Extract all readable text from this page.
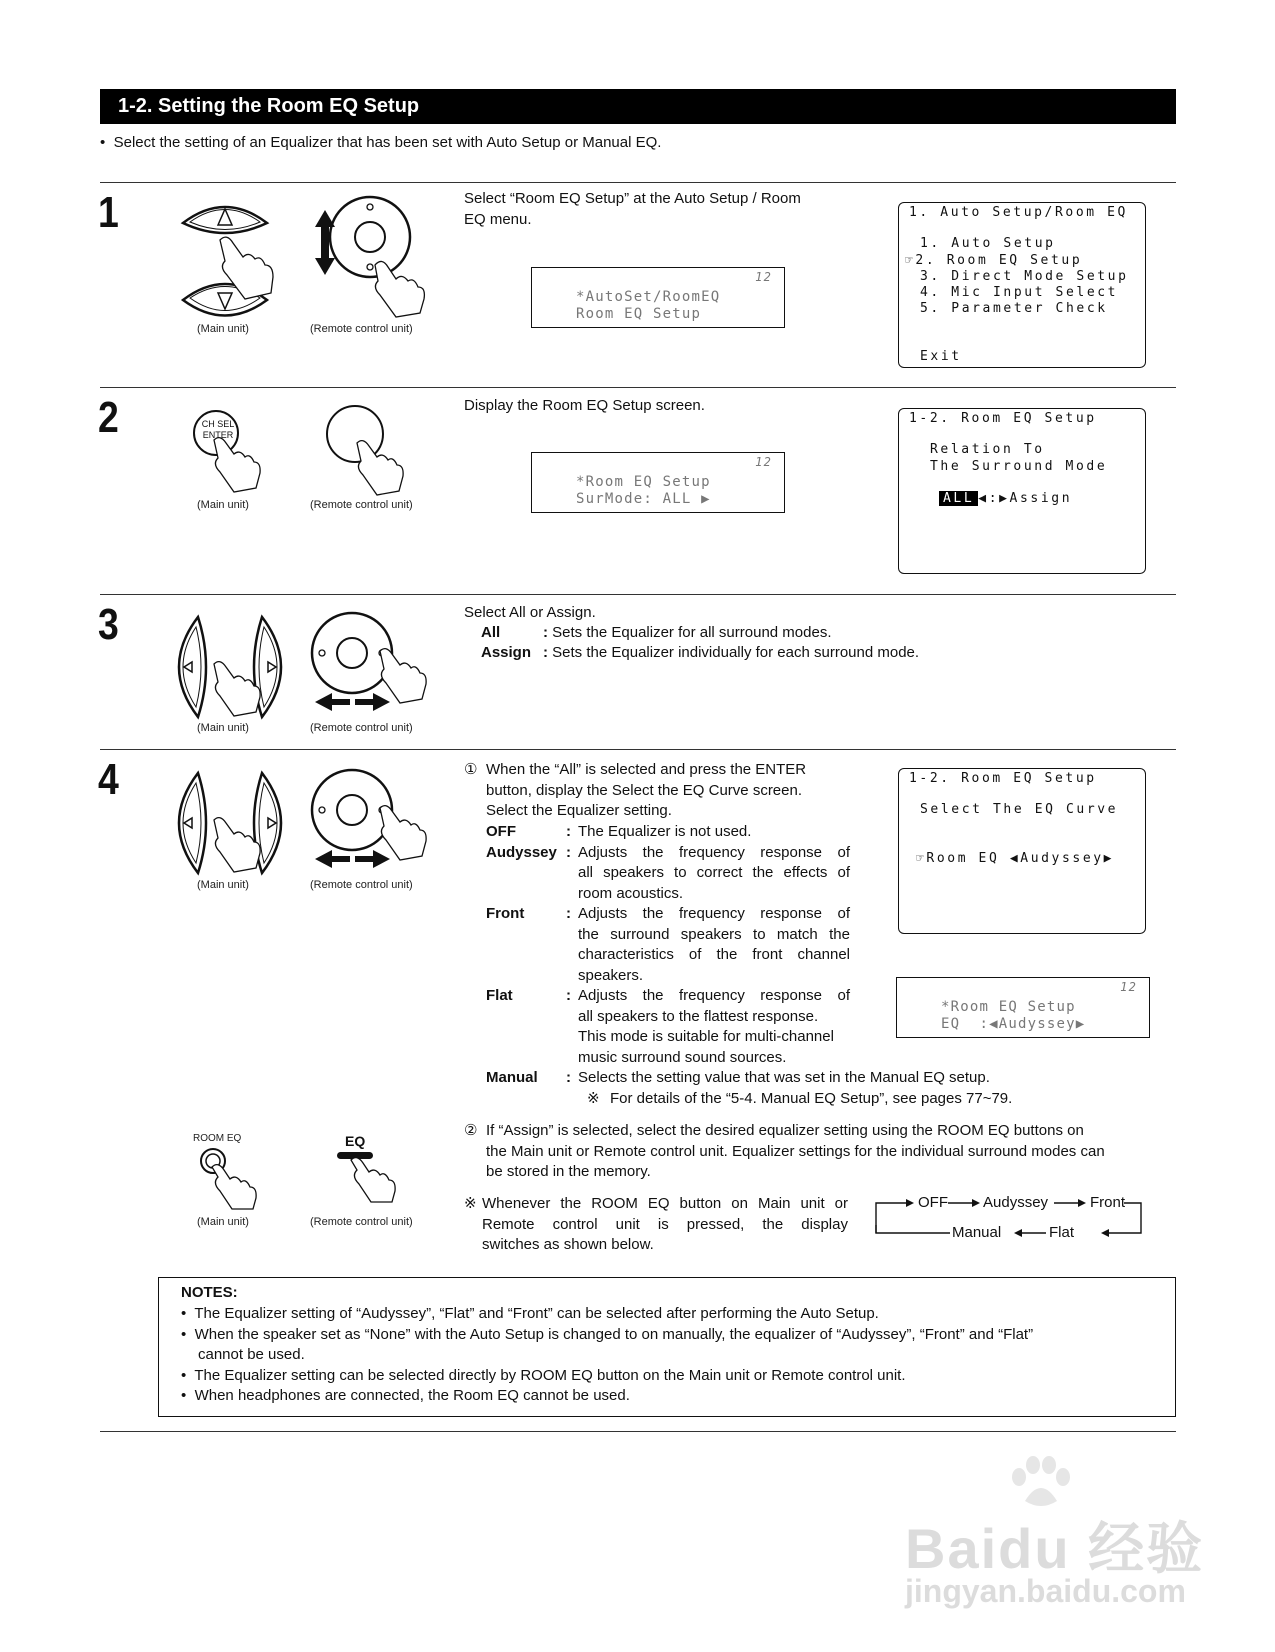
1-2. Setting the Room EQ Setup
•  Select the setting of an Equalizer that has been set with Auto Setup or Manual EQ.
1
(Main unit)	(Remote control unit)
Select “Room EQ Setup” at the Auto Setup / Room
EQ menu.
12
*AutoSet/RoomEQ
Room EQ Setup
1. Auto Setup/Room EQ
1. Auto Setup
☞2. Room EQ Setup
3. Direct Mode Setup
4. Mic Input Select
5. Parameter Check
Exit
2	CH SEL
ENTER
(Main unit)	(Remote control unit)
Display the Room EQ Setup screen.
12
*Room EQ Setup
SurMode: ALL ▶
1-2. Room EQ Setup
Relation To
The Surround Mode
ALL ◀:▶Assign
3
(Main unit)	(Remote control unit)
Select All or Assign.
All	: Sets the Equalizer for all surround modes.
Assign : Sets the Equalizer individually for each surround mode.
4
(Main unit)	(Remote control unit)
① When the “All” is selected and press the ENTER
button, display the Select the EQ Curve screen.
Select the Equalizer setting.
OFF	: The Equalizer is not used.
Audyssey : Adjusts the frequency response of
all speakers to correct the effects of
room acoustics.
Front	: Adjusts the frequency response of
the surround speakers to match the
characteristics of the front channel
speakers.
Flat	: Adjusts the frequency response of
all speakers to the flattest response.
This mode is suitable for multi-channel
music surround sound sources.
Manual : Selects the setting value that was set in the Manual EQ setup.
※ For details of the “5-4. Manual EQ Setup”, see pages 77~79.
1-2. Room EQ Setup
Select The EQ Curve
☞Room EQ ◀Audyssey▶
12
*Room EQ Setup
EQ  :◀Audyssey▶
ROOM EQ
(Main unit)
EQ
(Remote control unit)
② If “Assign” is selected, select the desired equalizer setting using the ROOM EQ buttons on
the Main unit or Remote control unit. Equalizer settings for the individual surround modes can
be stored in the memory.
※ Whenever the ROOM EQ button on Main unit or
Remote control unit is pressed, the display
switches as shown below.
OFF Audyssey	Front
Flat
Manual
NOTES:
•  The Equalizer setting of “Audyssey”, “Flat” and “Front” can be selected after performing the Auto Setup.
•  When the speaker set as “None” with the Auto Setup is changed to on manually, the equalizer of “Audyssey”, “Front” and “Flat”
cannot be used.
•  The Equalizer setting can be selected directly by ROOM EQ button on the Main unit or Remote control unit.
•  When headphones are connected, the Room EQ cannot be used.
Baidu 经验
jingyan.baidu.com
